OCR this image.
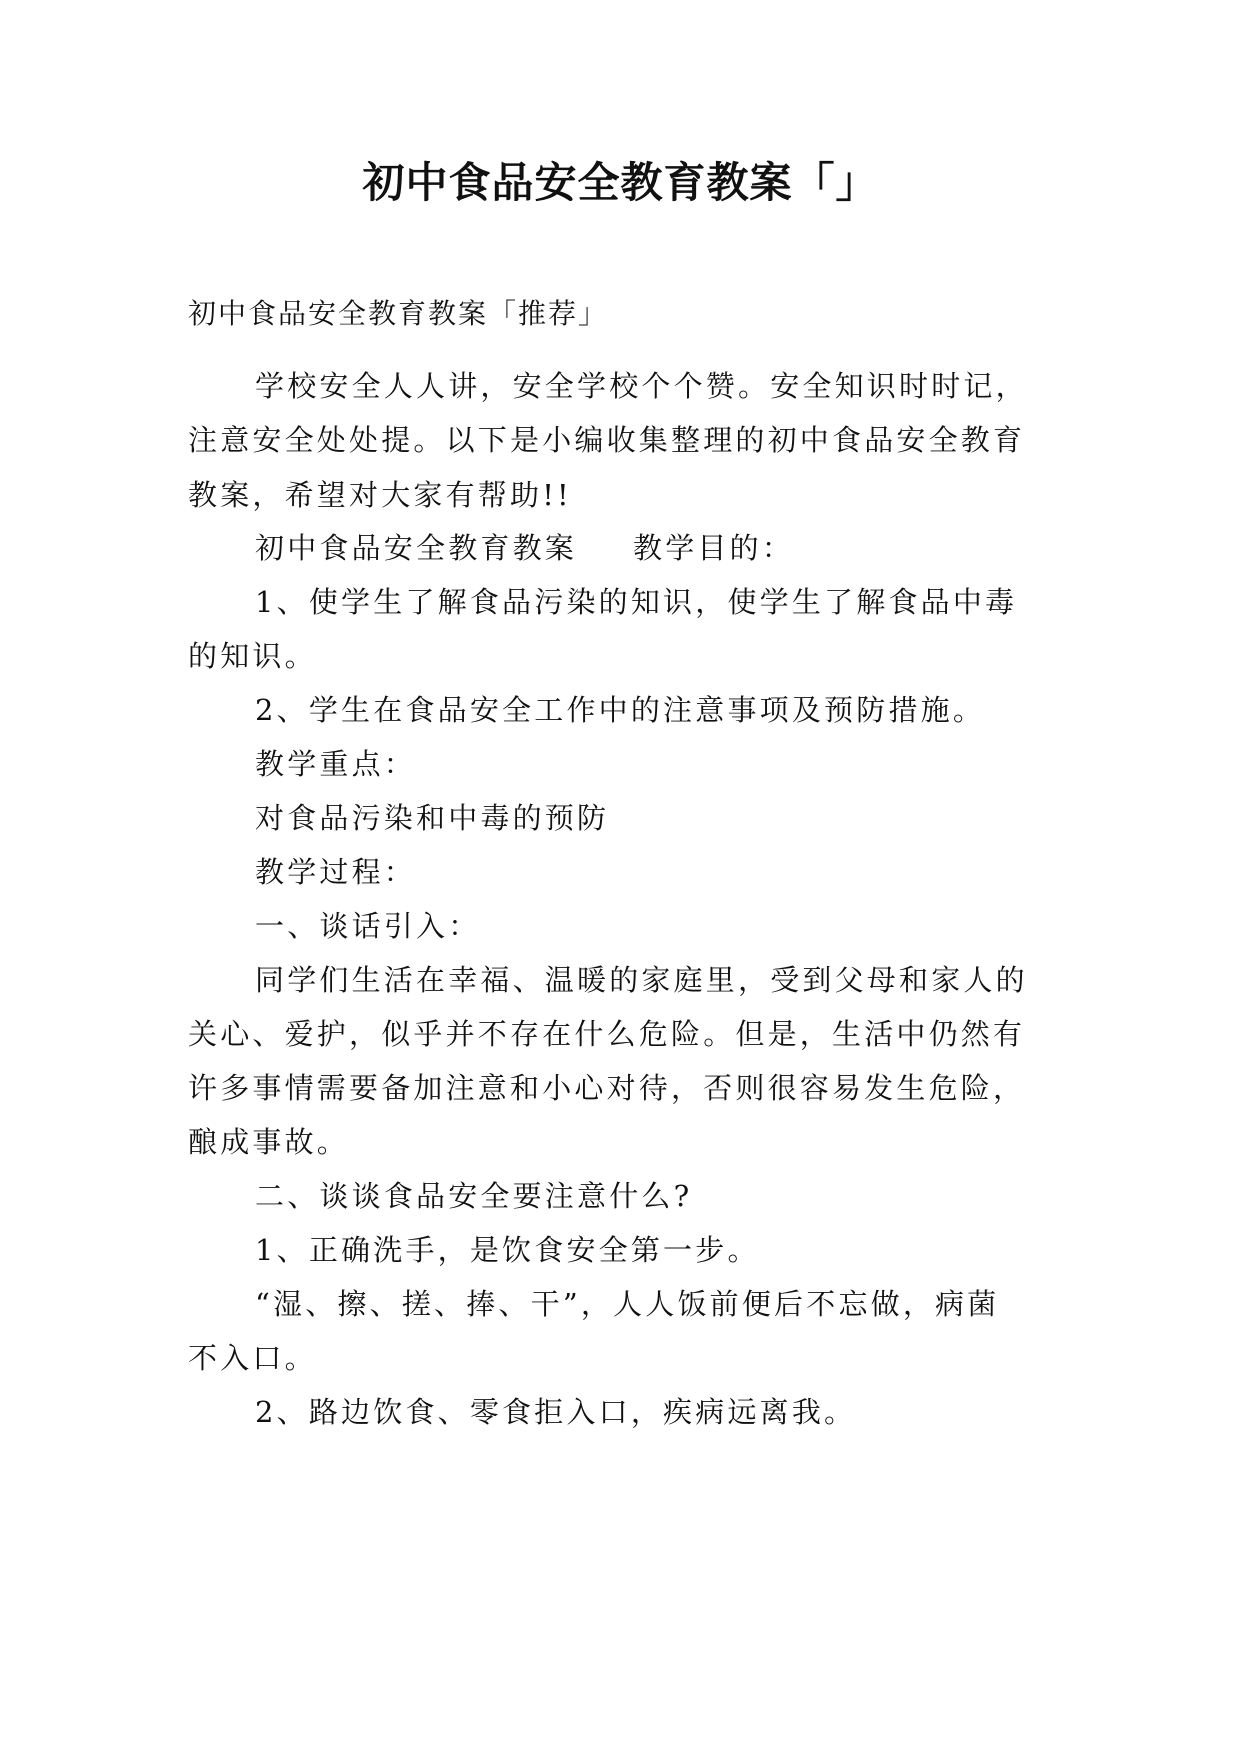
初中食品安全教育教案「」
初中食品安全教育教案「推荐」
学校安全人人讲，安全学校个个赞。安全知识时时记，
注意安全处处提。以下是小编收集整理的初中食品安全教育
教案，希望对大家有帮助!!
初中食品安全教育教案 教学目的：
1、使学生了解食品污染的知识，使学生了解食品中毒
的知识。
2、学生在食品安全工作中的注意事项及预防措施。
教学重点：
对食品污染和中毒的预防
教学过程：
一、谈话引入：
同学们生活在幸福、温暖的家庭里，受到父母和家人的
关心、爱护，似乎并不存在什么危险。但是，生活中仍然有
许多事情需要备加注意和小心对待，否则很容易发生危险，
酿成事故。
二、谈谈食品安全要注意什么?
1、正确洗手，是饮食安全第一步。
“湿、擦、搓、捧、干”，人人饭前便后不忘做，病菌
不入口。
2、路边饮食、零食拒入口，疾病远离我。
